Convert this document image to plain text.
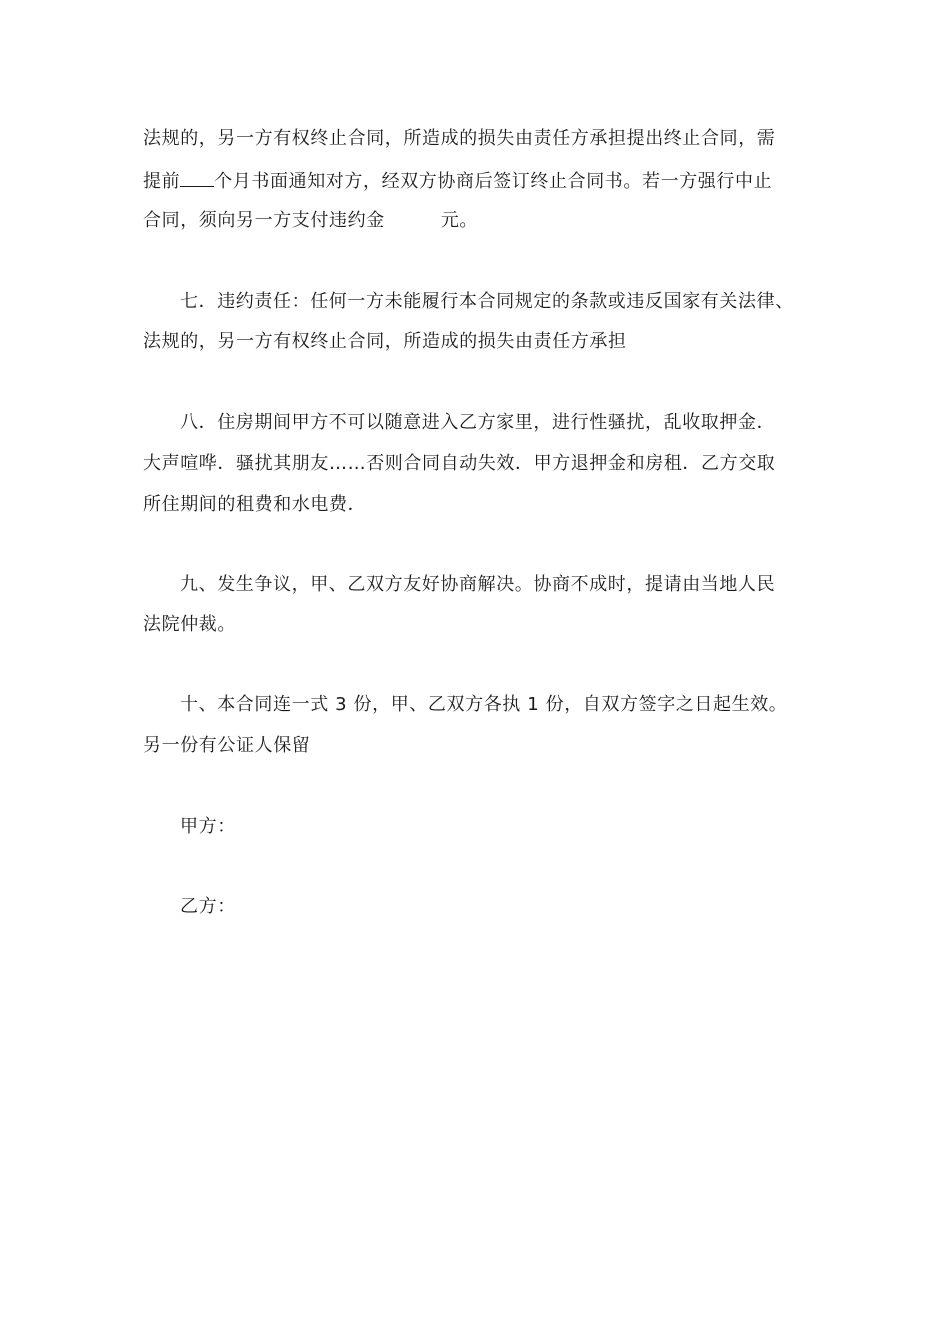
法规的，另一方有权终止合同，所造成的损失由责任方承担提出终止合同，需
提前 个月书面通知对方，经双方协商后签订终止合同书。若一方强行中止
合同，须向另一方支付违约金	元。
七．违约责任：任何一方未能履行本合同规定的条款或违反国家有关法律、
法规的，另一方有权终止合同，所造成的损失由责任方承担
八．住房期间甲方不可以随意进入乙方家里，进行性骚扰，乱收取押金．
大声喧哗．骚扰其朋友……否则合同自动失效．甲方退押金和房租．乙方交取
所住期间的租费和水电费．
九、发生争议，甲、乙双方友好协商解决。协商不成时，提请由当地人民
法院仲裁。
十、本合同连一式 3 份，甲、乙双方各执 1 份，自双方签字之日起生效。
另一份有公证人保留
甲方：
乙方：
